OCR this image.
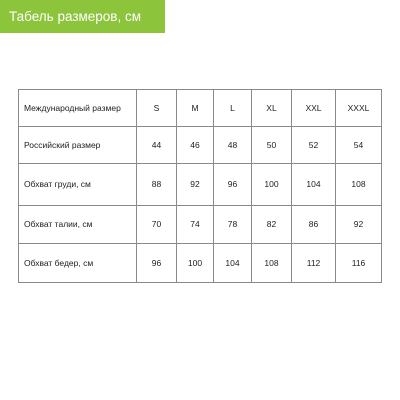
Табель размеров, см
Международный размер	S	M	L	XL	XXL	XXXL
Российский размер	44	46	48	50	52	54
Обхват груди, см	88	92	96	100	104	108
Обхват талии, см	70	74	78	82	86	92
Обхват бедер, см	96	100	104	108	112	116
